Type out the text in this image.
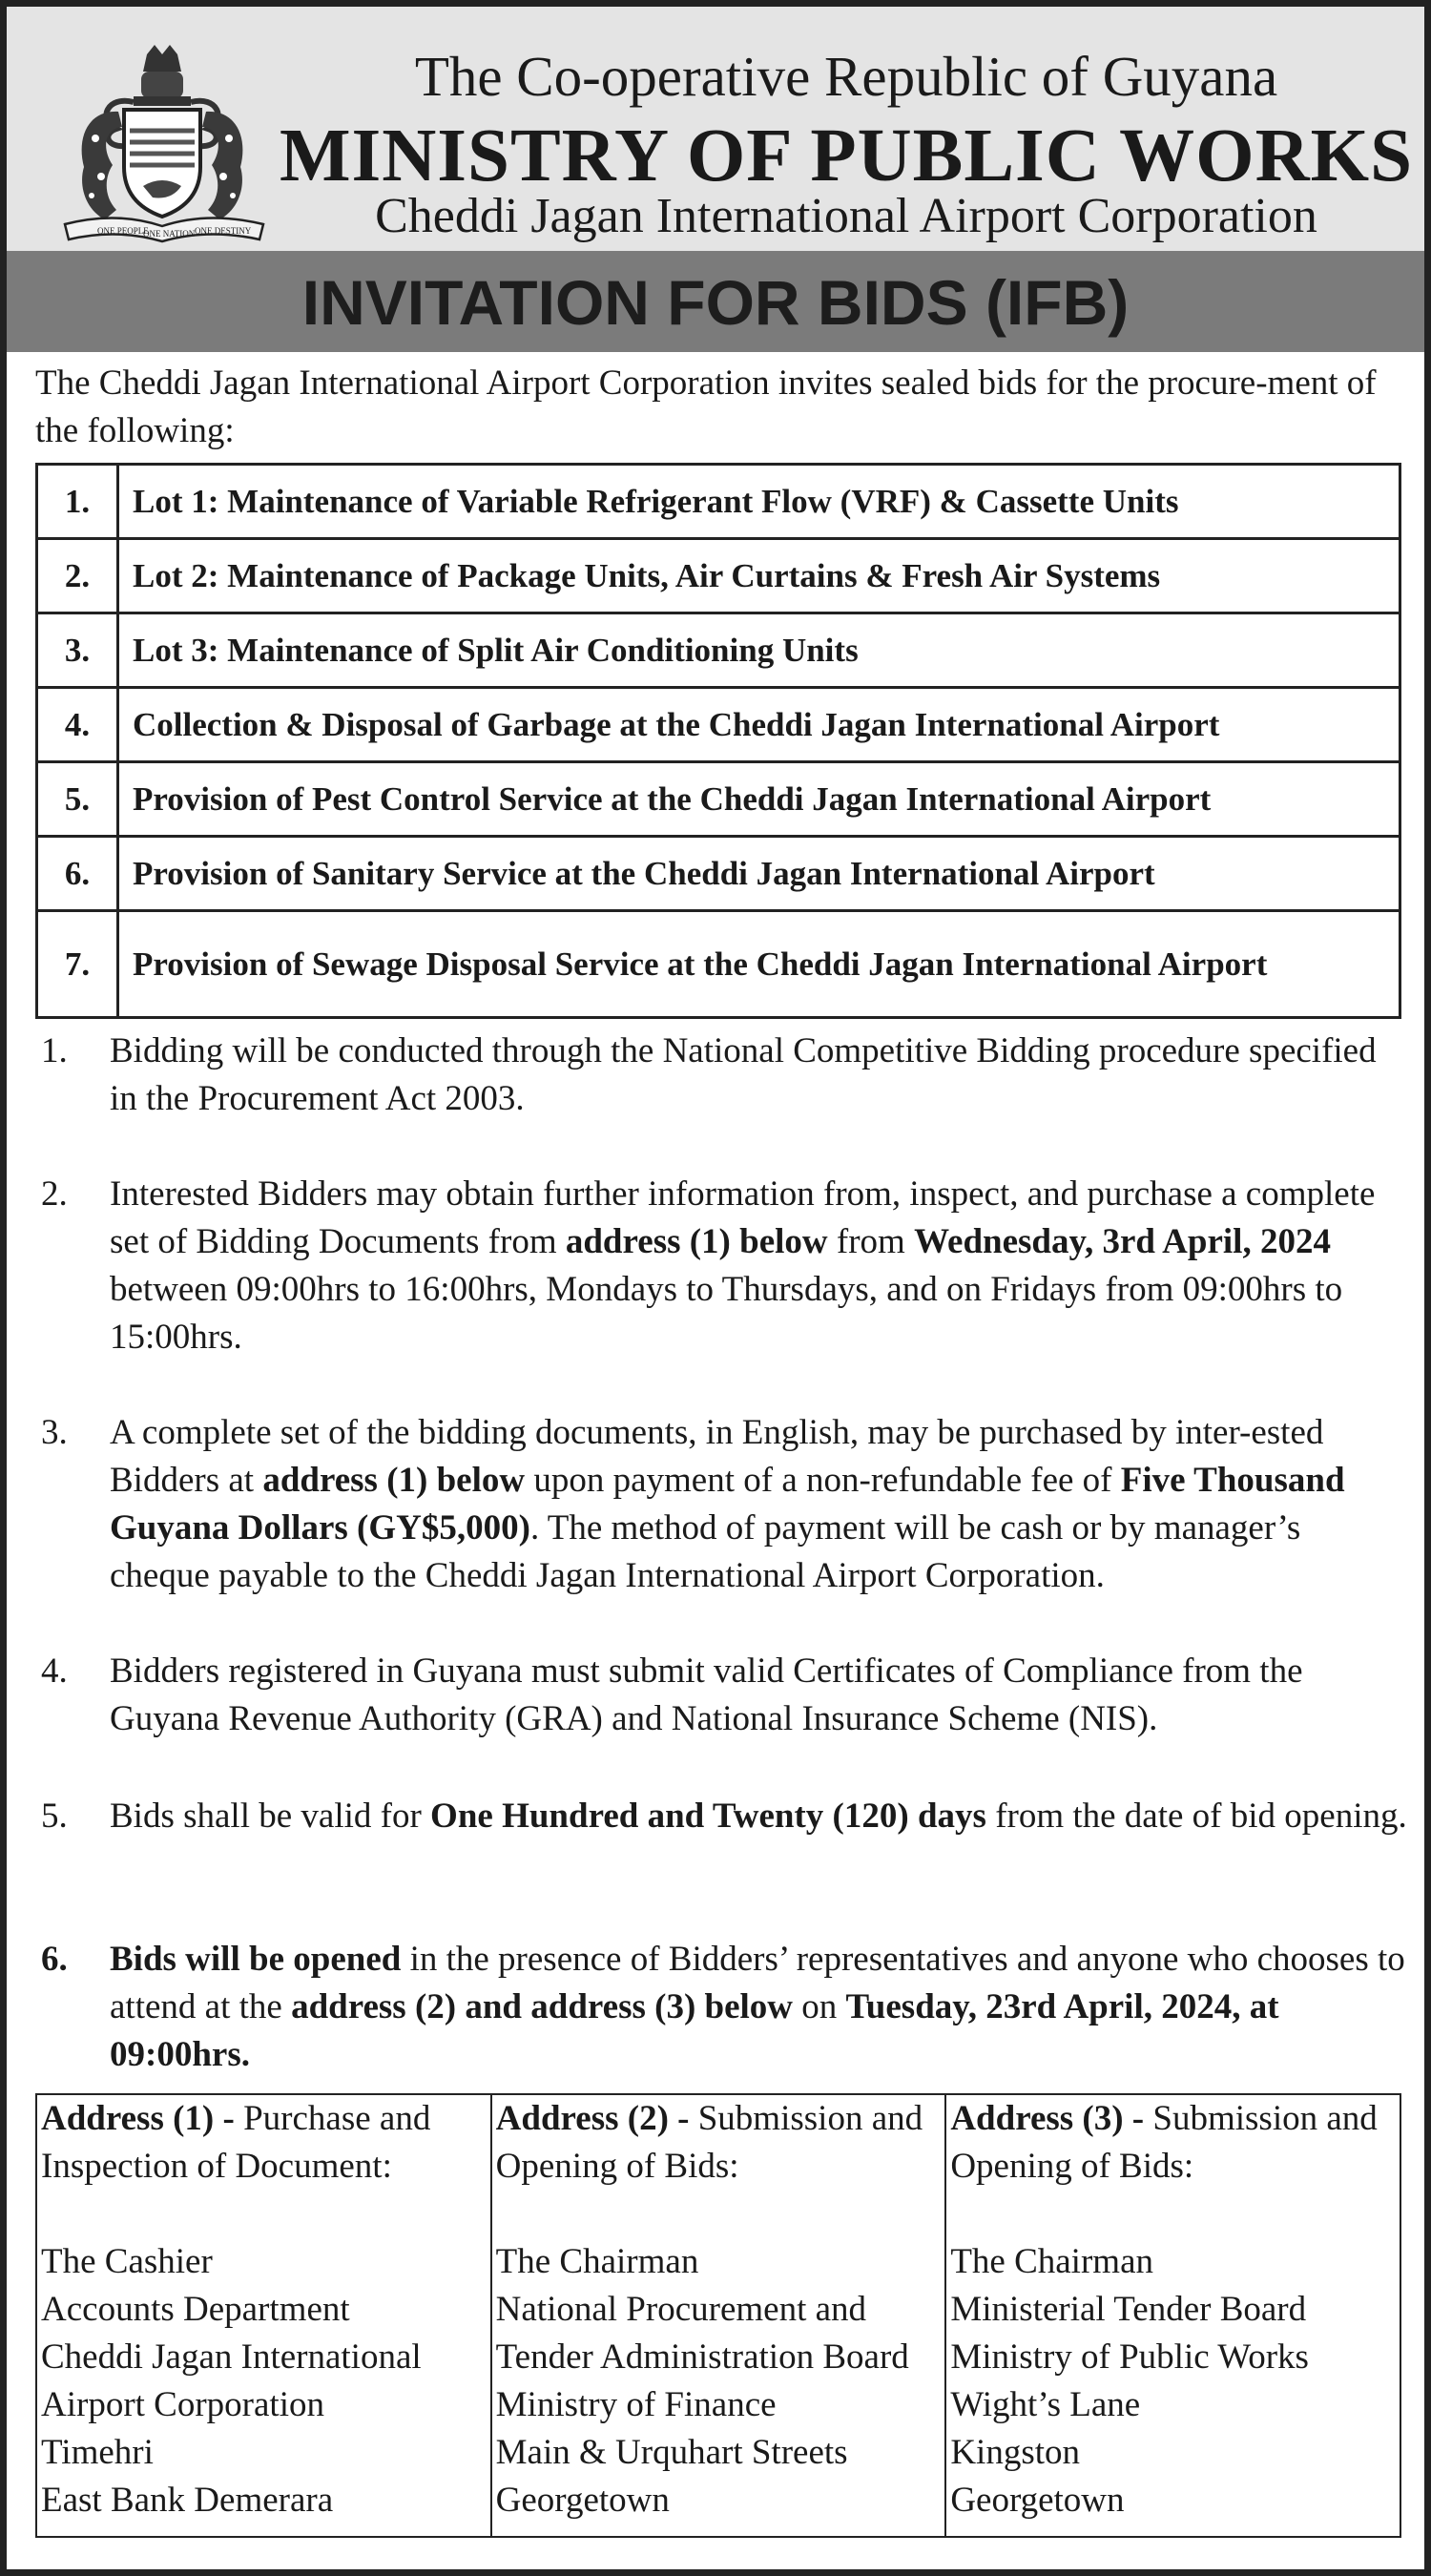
ONE PEOPLE
ONE NATION ONE DESTINY
The Co-operative Republic of Guyana
MINISTRY OF PUBLIC WORKS
Cheddi Jagan International Airport Corporation
INVITATION FOR BIDS (IFB)
The Cheddi Jagan International Airport Corporation invites sealed bids for the procure-ment of the following:
1.	Lot 1: Maintenance of Variable Refrigerant Flow (VRF) & Cassette Units
2.	Lot 2: Maintenance of Package Units, Air Curtains & Fresh Air Systems
3.	Lot 3: Maintenance of Split Air Conditioning Units
4.	Collection & Disposal of Garbage at the Cheddi Jagan International Airport
5.	Provision of Pest Control Service at the Cheddi Jagan International Airport
6.	Provision of Sanitary Service at the Cheddi Jagan International Airport
7.	Provision of Sewage Disposal Service at the Cheddi Jagan International Airport
1. Bidding will be conducted through the National Competitive Bidding procedure specified in the Procurement Act 2003.
2. Interested Bidders may obtain further information from, inspect, and purchase a complete set of Bidding Documents from address (1) below from Wednesday, 3rd April, 2024 between 09:00hrs to 16:00hrs, Mondays to Thursdays, and on Fridays from 09:00hrs to 15:00hrs.
3. A complete set of the bidding documents, in English, may be purchased by inter-ested Bidders at address (1) below upon payment of a non-refundable fee of Five Thousand Guyana Dollars (GY$5,000). The method of payment will be cash or by manager’s cheque payable to the Cheddi Jagan International Airport Corporation.
4. Bidders registered in Guyana must submit valid Certificates of Compliance from the Guyana Revenue Authority (GRA) and National Insurance Scheme (NIS).
5. Bids shall be valid for One Hundred and Twenty (120) days from the date of bid opening.
6. Bids will be opened in the presence of Bidders’ representatives and anyone who chooses to attend at the address (2) and address (3) below on Tuesday, 23rd April, 2024, at 09:00hrs.
Address (1) - Purchase and Inspection of Document:
The Cashier
Accounts Department
Cheddi Jagan International
Airport Corporation
Timehri
East Bank Demerara

Address (2) - Submission and Opening of Bids:
The Chairman
National Procurement and
Tender Administration Board
Ministry of Finance
Main & Urquhart Streets
Georgetown

Address (3) - Submission and Opening of Bids:
The Chairman
Ministerial Tender Board
Ministry of Public Works
Wight’s Lane
Kingston
Georgetown
